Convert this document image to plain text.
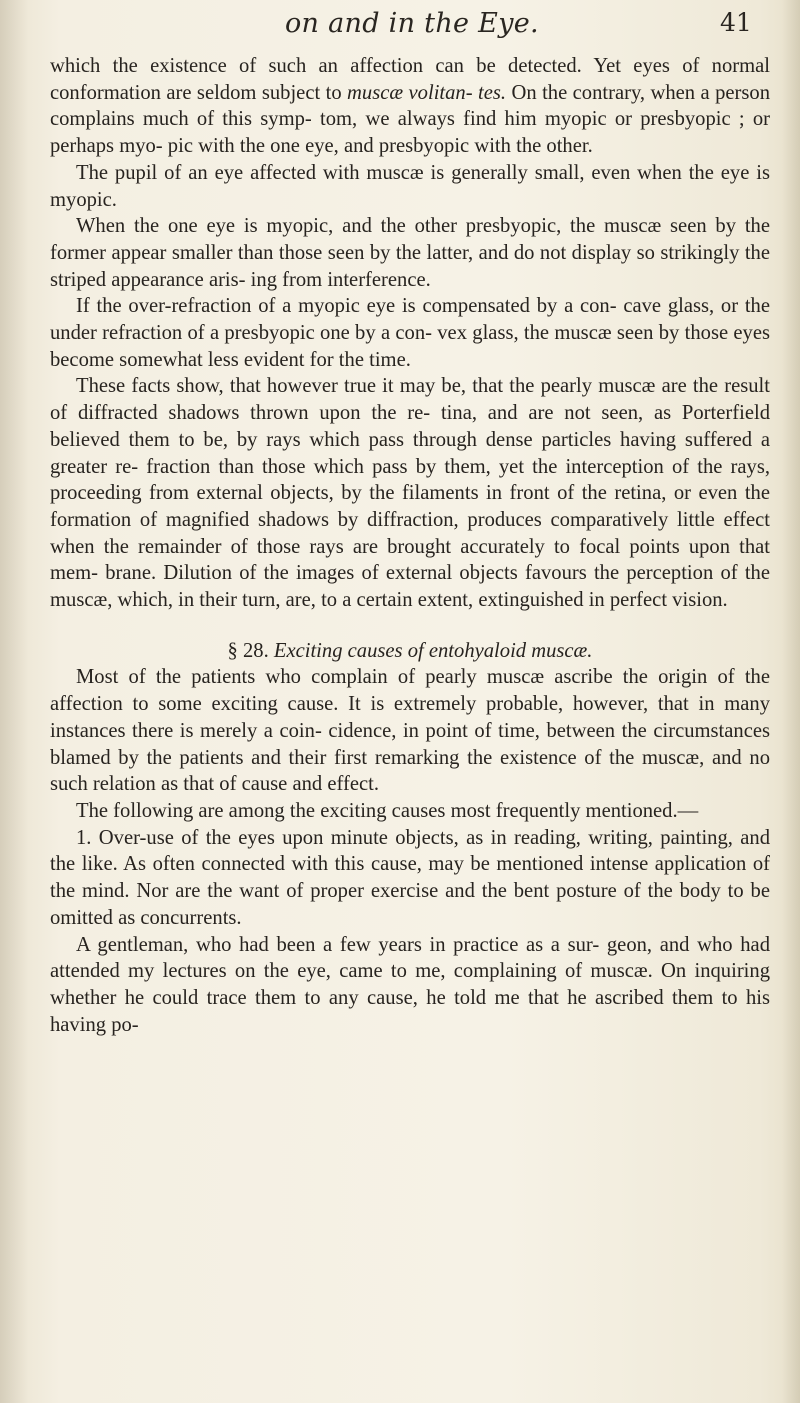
on and in the Eye.	41

which the existence of such an affection can be detected. Yet eyes of normal conformation are seldom subject to muscæ volitan- tes. On the contrary, when a person complains much of this symp- tom, we always find him myopic or presbyopic ; or perhaps myo- pic with the one eye, and presbyopic with the other.

The pupil of an eye affected with muscæ is generally small, even when the eye is myopic.

When the one eye is myopic, and the other presbyopic, the muscæ seen by the former appear smaller than those seen by the latter, and do not display so strikingly the striped appearance aris- ing from interference.

If the over-refraction of a myopic eye is compensated by a con- cave glass, or the under refraction of a presbyopic one by a con- vex glass, the muscæ seen by those eyes become somewhat less evident for the time.

These facts show, that however true it may be, that the pearly muscæ are the result of diffracted shadows thrown upon the re- tina, and are not seen, as Porterfield believed them to be, by rays which pass through dense particles having suffered a greater re- fraction than those which pass by them, yet the interception of the rays, proceeding from external objects, by the filaments in front of the retina, or even the formation of magnified shadows by diffraction, produces comparatively little effect when the remainder of those rays are brought accurately to focal points upon that mem- brane. Dilution of the images of external objects favours the perception of the muscæ, which, in their turn, are, to a certain extent, extinguished in perfect vision.

§ 28. Exciting causes of entohyaloid muscæ.

Most of the patients who complain of pearly muscæ ascribe the origin of the affection to some exciting cause. It is extremely probable, however, that in many instances there is merely a coin- cidence, in point of time, between the circumstances blamed by the patients and their first remarking the existence of the muscæ, and no such relation as that of cause and effect.

The following are among the exciting causes most frequently mentioned.—

1. Over-use of the eyes upon minute objects, as in reading, writing, painting, and the like. As often connected with this cause, may be mentioned intense application of the mind. Nor are the want of proper exercise and the bent posture of the body to be omitted as concurrents.

A gentleman, who had been a few years in practice as a sur- geon, and who had attended my lectures on the eye, came to me, complaining of muscæ. On inquiring whether he could trace them to any cause, he told me that he ascribed them to his having po-
